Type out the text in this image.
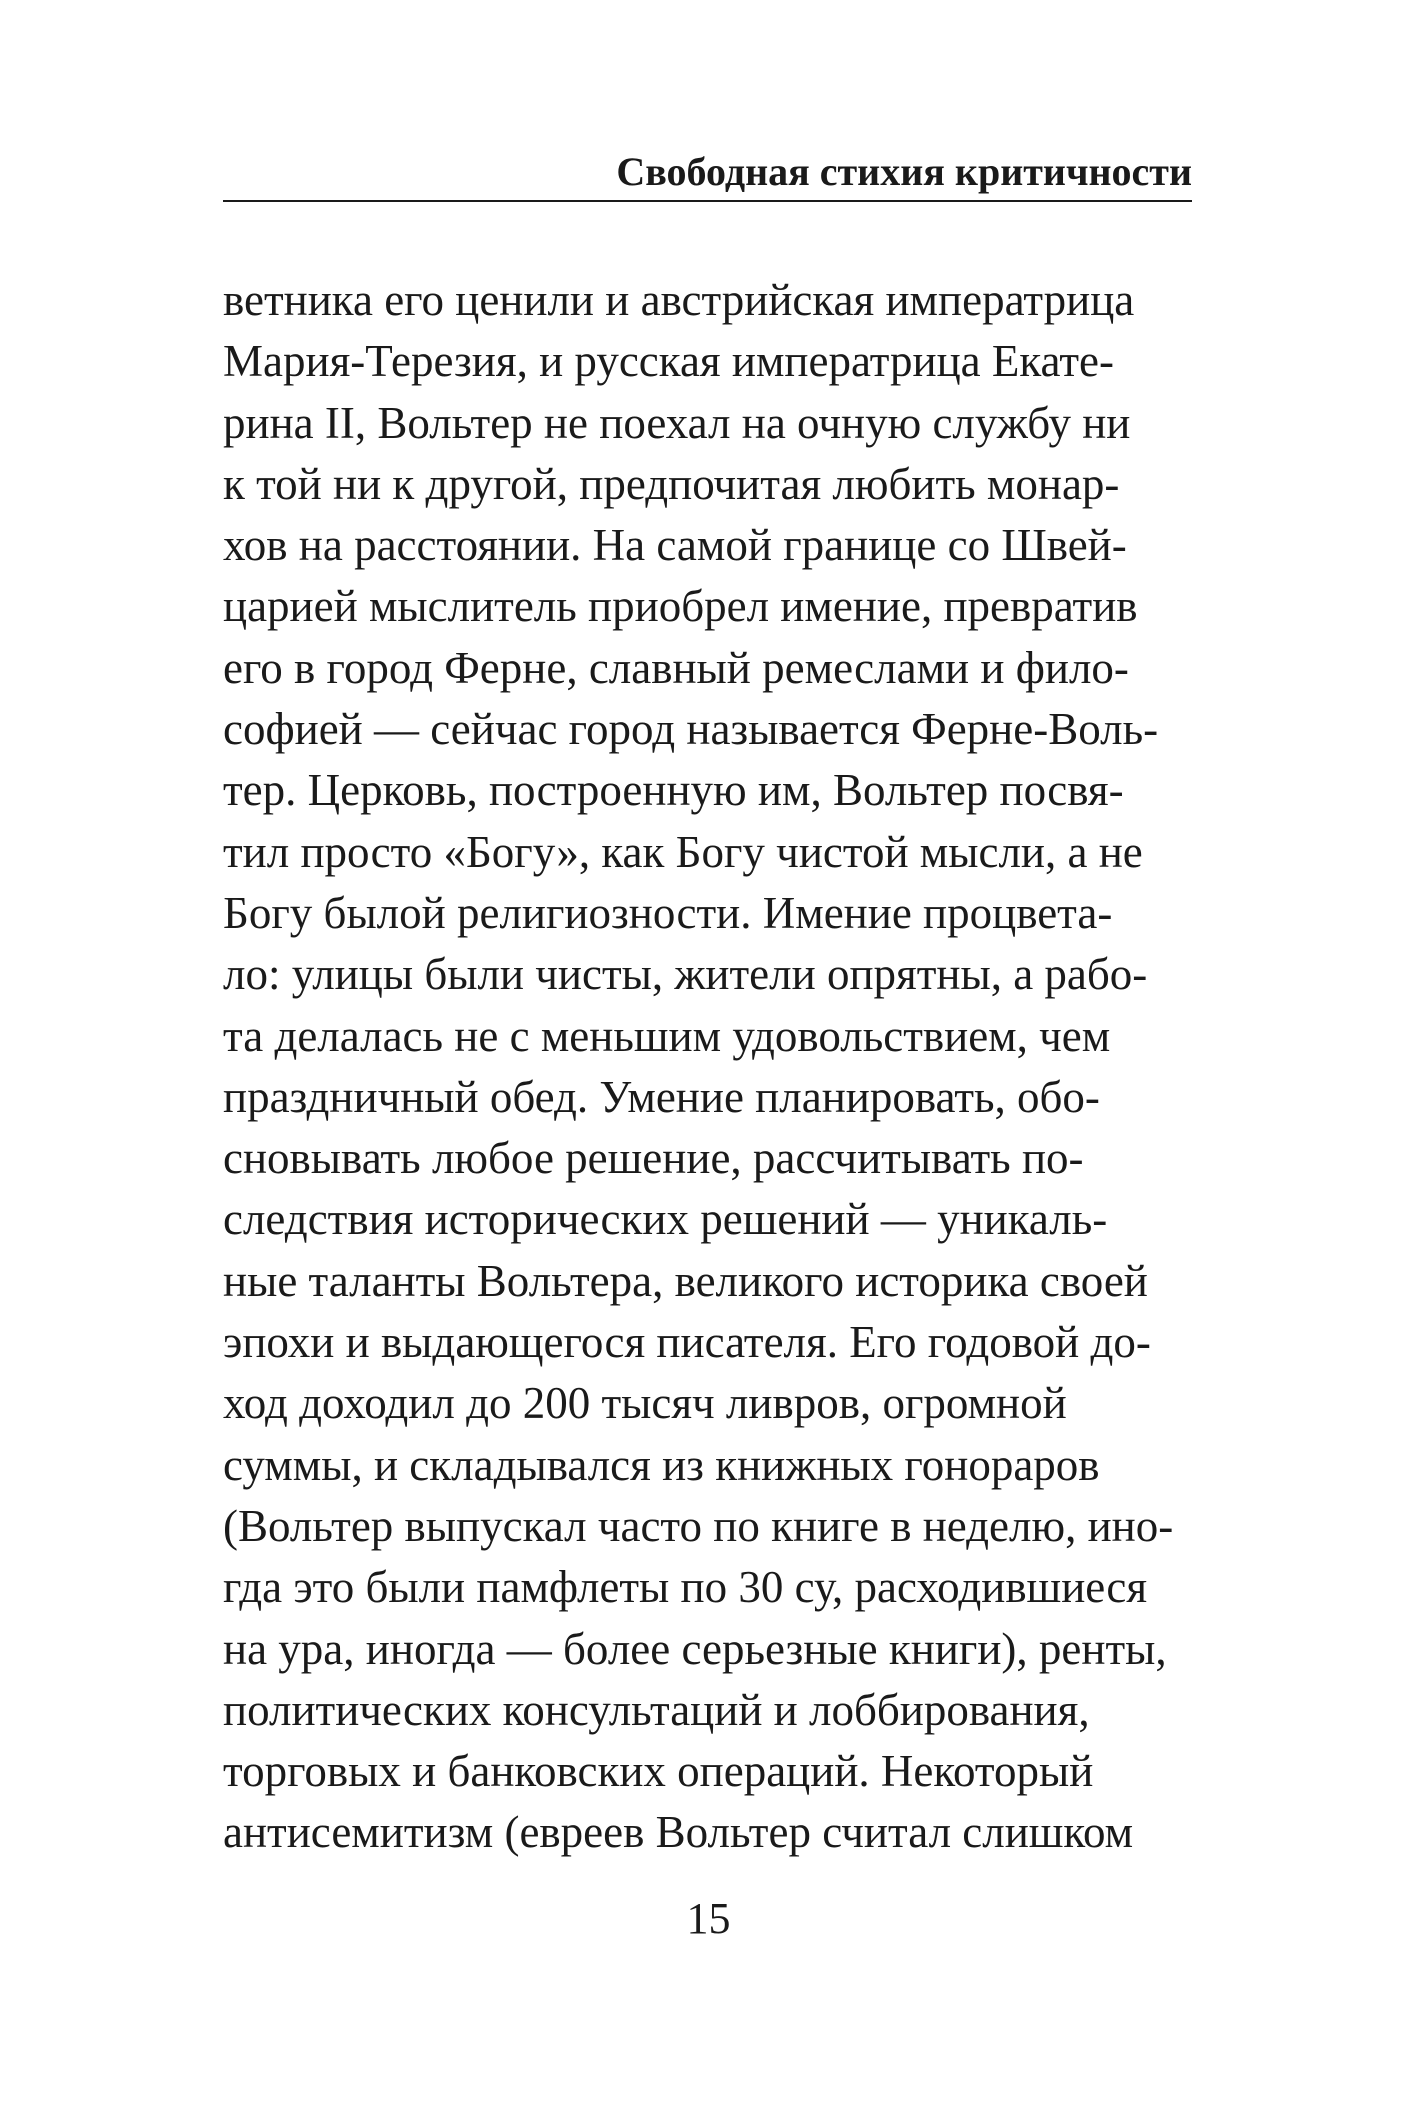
Свободная стихия критичности
ветника его ценили и австрийская императрица
Мария-Терезия, и русская императрица Екате-
рина II, Вольтер не поехал на очную службу ни
к той ни к другой, предпочитая любить монар-
хов на расстоянии. На самой границе со Швей-
царией мыслитель приобрел имение, превратив
его в город Ферне, славный ремеслами и фило-
софией — сейчас город называется Ферне-Воль-
тер. Церковь, построенную им, Вольтер посвя-
тил просто «Богу», как Богу чистой мысли, а не
Богу былой религиозности. Имение процвета-
ло: улицы были чисты, жители опрятны, а рабо-
та делалась не с меньшим удовольствием, чем
праздничный обед. Умение планировать, обо-
сновывать любое решение, рассчитывать по-
следствия исторических решений — уникаль-
ные таланты Вольтера, великого историка своей
эпохи и выдающегося писателя. Его годовой до-
ход доходил до 200 тысяч ливров, огромной
суммы, и складывался из книжных гонораров
(Вольтер выпускал часто по книге в неделю, ино-
гда это были памфлеты по 30 су, расходившиеся
на ура, иногда — более серьезные книги), ренты,
политических консультаций и лоббирования,
торговых и банковских операций. Некоторый
антисемитизм (евреев Вольтер считал слишком
15
